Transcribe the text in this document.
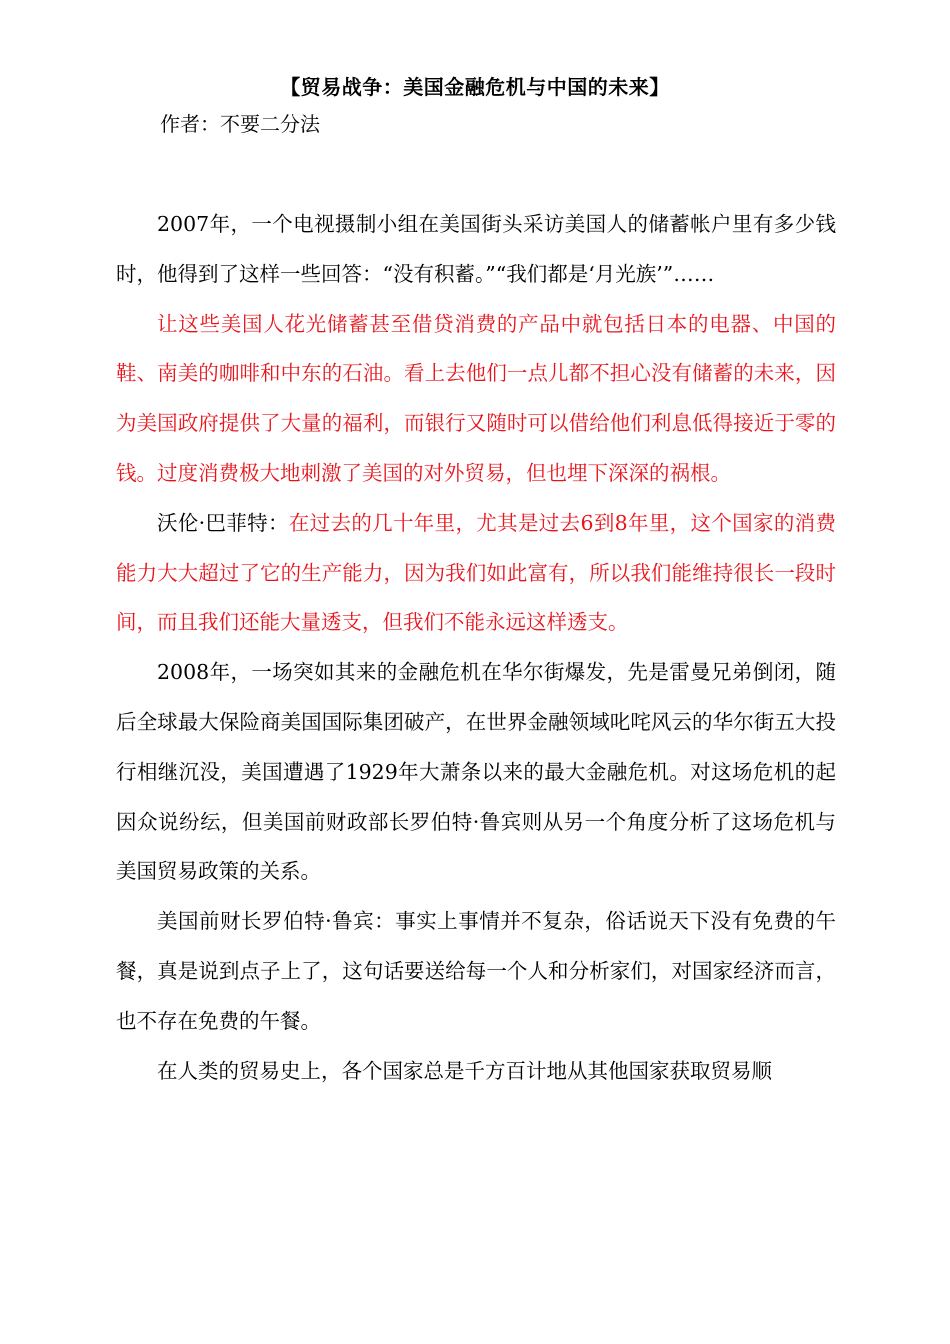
【贸易战争：美国金融危机与中国的未来】
作者：不要二分法

2007年，一个电视摄制小组在美国街头采访美国人的储蓄帐户里有多少钱时，他得到了这样一些回答：“没有积蓄。”“我们都是‘月光族’”……

让这些美国人花光储蓄甚至借贷消费的产品中就包括日本的电器、中国的鞋、南美的咖啡和中东的石油。看上去他们一点儿都不担心没有储蓄的未来，因为美国政府提供了大量的福利，而银行又随时可以借给他们利息低得接近于零的钱。过度消费极大地刺激了美国的对外贸易，但也埋下深深的祸根。

沃伦·巴菲特：在过去的几十年里，尤其是过去6到8年里，这个国家的消费能力大大超过了它的生产能力，因为我们如此富有，所以我们能维持很长一段时间，而且我们还能大量透支，但我们不能永远这样透支。

2008年，一场突如其来的金融危机在华尔街爆发，先是雷曼兄弟倒闭，随后全球最大保险商美国国际集团破产，在世界金融领域叱咤风云的华尔街五大投行相继沉没，美国遭遇了1929年大萧条以来的最大金融危机。对这场危机的起因众说纷纭，但美国前财政部长罗伯特·鲁宾则从另一个角度分析了这场危机与美国贸易政策的关系。

美国前财长罗伯特·鲁宾：事实上事情并不复杂，俗话说天下没有免费的午餐，真是说到点子上了，这句话要送给每一个人和分析家们，对国家经济而言，也不存在免费的午餐。

在人类的贸易史上，各个国家总是千方百计地从其他国家获取贸易顺
